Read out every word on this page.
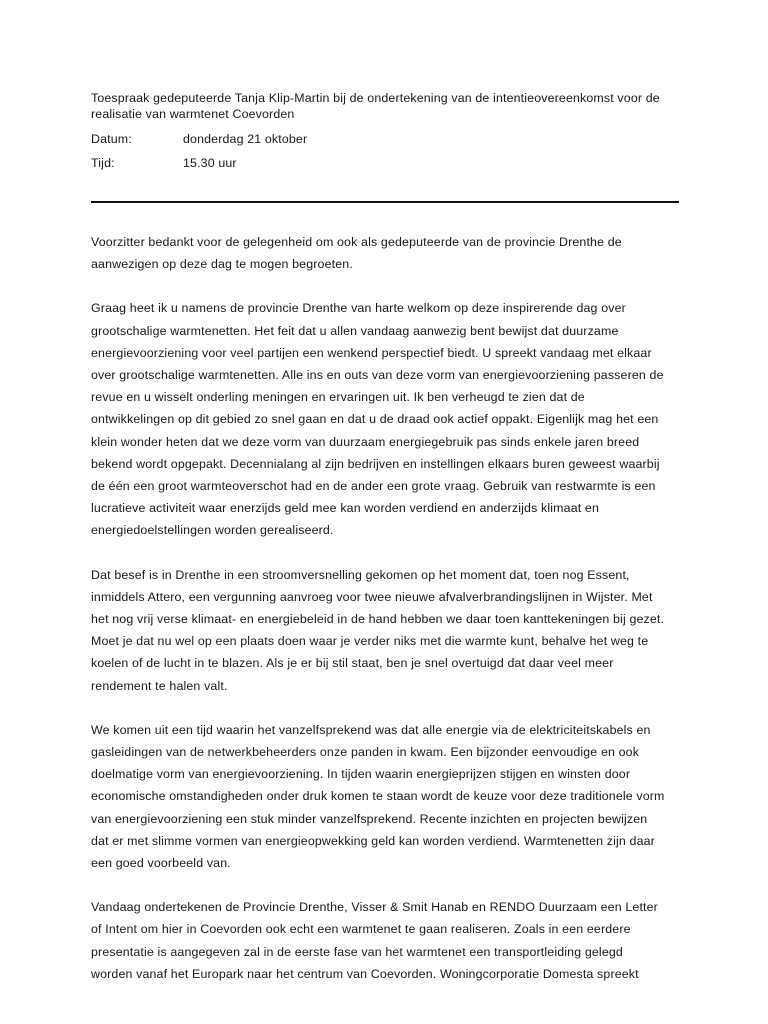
Toespraak gedeputeerde Tanja Klip-Martin bij de ondertekening van de intentieovereenkomst voor de
realisatie van warmtenet Coevorden

Datum:	donderdag 21 oktober
Tijd:	15.30 uur

Voorzitter bedankt voor de gelegenheid om ook als gedeputeerde van de provincie Drenthe de
aanwezigen op deze dag te mogen begroeten.

Graag heet ik u namens de provincie Drenthe van harte welkom op deze inspirerende dag over
grootschalige warmtenetten. Het feit dat u allen vandaag aanwezig bent bewijst dat duurzame
energievoorziening voor veel partijen een wenkend perspectief biedt. U spreekt vandaag met elkaar
over grootschalige warmtenetten. Alle ins en outs van deze vorm van energievoorziening passeren de
revue en u wisselt onderling meningen en ervaringen uit. Ik ben verheugd te zien dat de
ontwikkelingen op dit gebied zo snel gaan en dat u de draad ook actief oppakt. Eigenlijk mag het een
klein wonder heten dat we deze vorm van duurzaam energiegebruik pas sinds enkele jaren breed
bekend wordt opgepakt. Decennialang al zijn bedrijven en instellingen elkaars buren geweest waarbij
de één een groot warmteoverschot had en de ander een grote vraag. Gebruik van restwarmte is een
lucratieve activiteit waar enerzijds geld mee kan worden verdiend en anderzijds klimaat en
energiedoelstellingen worden gerealiseerd.

Dat besef is in Drenthe in een stroomversnelling gekomen op het moment dat, toen nog Essent,
inmiddels Attero, een vergunning aanvroeg voor twee nieuwe afvalverbrandingslijnen in Wijster. Met
het nog vrij verse klimaat- en energiebeleid in de hand hebben we daar toen kanttekeningen bij gezet.
Moet je dat nu wel op een plaats doen waar je verder niks met die warmte kunt, behalve het weg te
koelen of de lucht in te blazen. Als je er bij stil staat, ben je snel overtuigd dat daar veel meer
rendement te halen valt.

We komen uit een tijd waarin het vanzelfsprekend was dat alle energie via de elektriciteitskabels en
gasleidingen van de netwerkbeheerders onze panden in kwam. Een bijzonder eenvoudige en ook
doelmatige vorm van energievoorziening. In tijden waarin energieprijzen stijgen en winsten door
economische omstandigheden onder druk komen te staan wordt de keuze voor deze traditionele vorm
van energievoorziening een stuk minder vanzelfsprekend. Recente inzichten en projecten bewijzen
dat er met slimme vormen van energieopwekking geld kan worden verdiend. Warmtenetten zijn daar
een goed voorbeeld van.

Vandaag ondertekenen de Provincie Drenthe, Visser & Smit Hanab en RENDO Duurzaam een Letter
of Intent om hier in Coevorden ook echt een warmtenet te gaan realiseren. Zoals in een eerdere
presentatie is aangegeven zal in de eerste fase van het warmtenet een transportleiding gelegd
worden vanaf het Europark naar het centrum van Coevorden. Woningcorporatie Domesta spreekt
